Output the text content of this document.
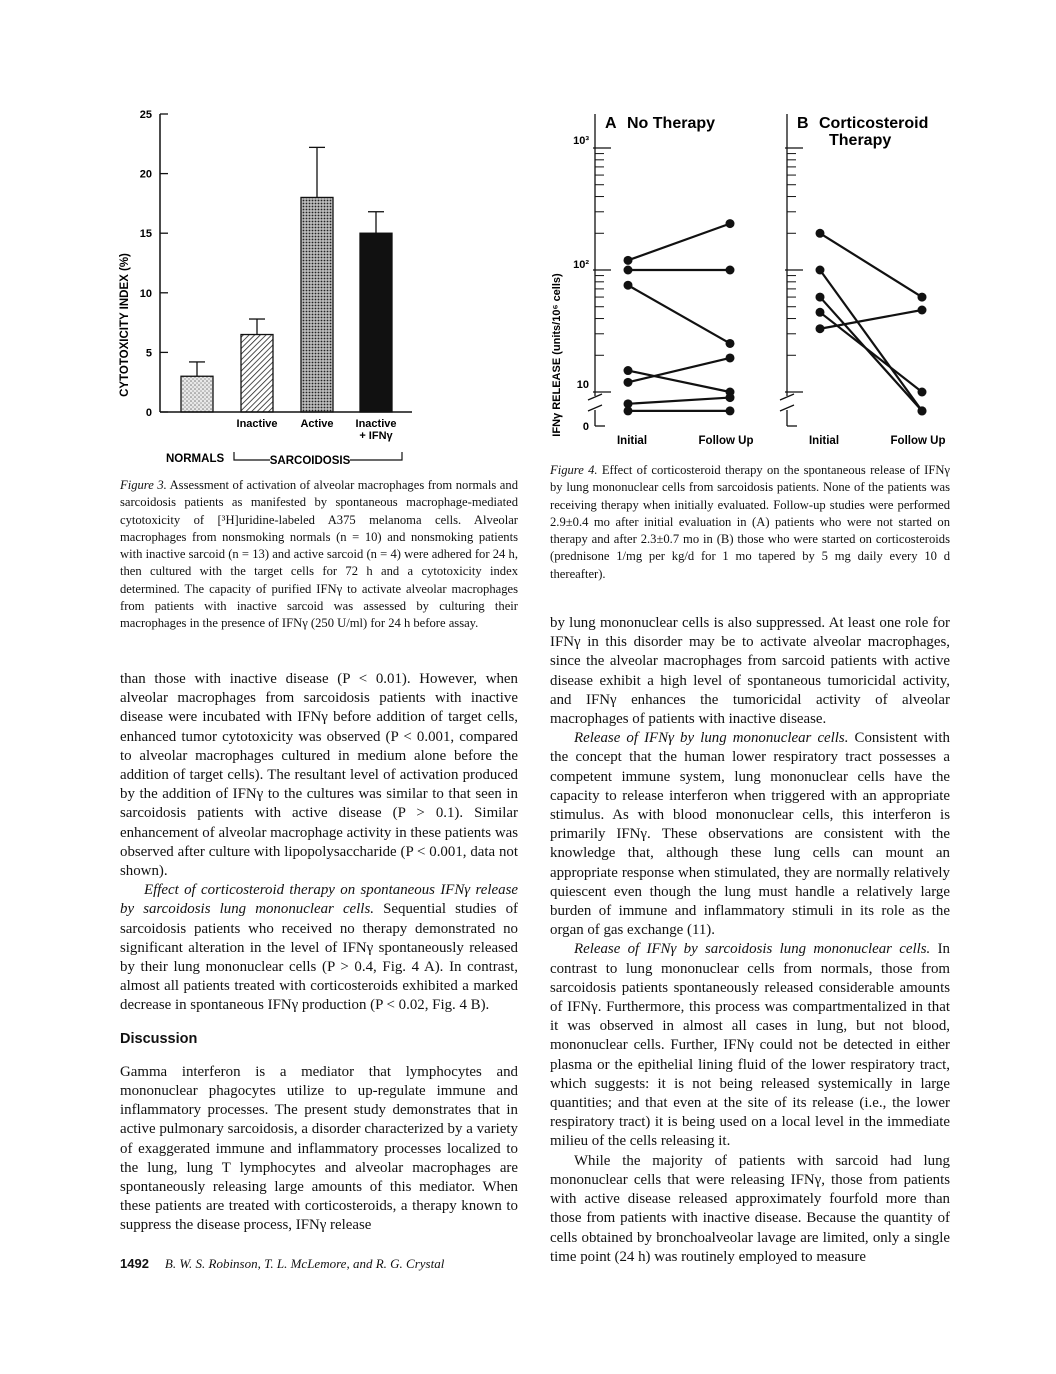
CYTOTOXICITY INDEX (%)
0
5
10
15
20
25
Inactive Active Inactive
+ IFNγ
NORMALS	SARCOIDOSIS
Figure 3. Assessment of activation of alveolar macrophages from normals and sarcoidosis patients as manifested by spontaneous macrophage-mediated cytotoxicity of [³H]uridine-labeled A375 melanoma cells. Alveolar macrophages from nonsmoking normals (n = 10) and nonsmoking patients with inactive sarcoid (n = 13) and active sarcoid (n = 4) were adhered for 24 h, then cultured with the target cells for 72 h and a cytotoxicity index determined. The capacity of purified IFNγ to activate alveolar macrophages from patients with inactive sarcoid was assessed by culturing their macrophages in the presence of IFNγ (250 U/ml) for 24 h before assay.
IFNγ RELEASE (units/10⁶ cells)
10³
10²
10
0
A No Therapy
Initial	Follow Up
B Corticosteroid
Therapy
Initial	Follow Up
Figure 4. Effect of corticosteroid therapy on the spontaneous release of IFNγ by lung mononuclear cells from sarcoidosis patients. None of the patients was receiving therapy when initially evaluated. Follow-up studies were performed 2.9±0.4 mo after initial evaluation in (A) patients who were not started on therapy and after 2.3±0.7 mo in (B) those who were started on corticosteroids (prednisone 1/mg per kg/d for 1 mo tapered by 5 mg daily every 10 d thereafter).

than those with inactive disease (P < 0.01). However, when alveolar macrophages from sarcoidosis patients with inactive disease were incubated with IFNγ before addition of target cells, enhanced tumor cytotoxicity was observed (P < 0.001, compared to alveolar macrophages cultured in medium alone before the addition of target cells). The resultant level of activation produced by the addition of IFNγ to the cultures was similar to that seen in sarcoidosis patients with active disease (P > 0.1). Similar enhancement of alveolar macrophage activity in these patients was observed after culture with lipopolysaccharide (P < 0.001, data not shown).

Effect of corticosteroid therapy on spontaneous IFNγ release by sarcoidosis lung mononuclear cells. Sequential studies of sarcoidosis patients who received no therapy demonstrated no significant alteration in the level of IFNγ spontaneously released by their lung mononuclear cells (P > 0.4, Fig. 4 A). In contrast, almost all patients treated with corticosteroids exhibited a marked decrease in spontaneous IFNγ production (P < 0.02, Fig. 4 B).

Discussion

Gamma interferon is a mediator that lymphocytes and mononuclear phagocytes utilize to up-regulate immune and inflammatory processes. The present study demonstrates that in active pulmonary sarcoidosis, a disorder characterized by a variety of exaggerated immune and inflammatory processes localized to the lung, lung T lymphocytes and alveolar macrophages are spontaneously releasing large amounts of this mediator. When these patients are treated with corticosteroids, a therapy known to suppress the disease process, IFNγ release

by lung mononuclear cells is also suppressed. At least one role for IFNγ in this disorder may be to activate alveolar macrophages, since the alveolar macrophages from sarcoid patients with active disease exhibit a high level of spontaneous tumoricidal activity, and IFNγ enhances the tumoricidal activity of alveolar macrophages of patients with inactive disease.

Release of IFNγ by lung mononuclear cells. Consistent with the concept that the human lower respiratory tract possesses a competent immune system, lung mononuclear cells have the capacity to release interferon when triggered with an appropriate stimulus. As with blood mononuclear cells, this interferon is primarily IFNγ. These observations are consistent with the knowledge that, although these lung cells can mount an appropriate response when stimulated, they are normally relatively quiescent even though the lung must handle a relatively large burden of immune and inflammatory stimuli in its role as the organ of gas exchange (11).

Release of IFNγ by sarcoidosis lung mononuclear cells. In contrast to lung mononuclear cells from normals, those from sarcoidosis patients spontaneously released considerable amounts of IFNγ. Furthermore, this process was compartmentalized in that it was observed in almost all cases in lung, but not blood, mononuclear cells. Further, IFNγ could not be detected in either plasma or the epithelial lining fluid of the lower respiratory tract, which suggests: it is not being released systemically in large quantities; and that even at the site of its release (i.e., the lower respiratory tract) it is being used on a local level in the immediate milieu of the cells releasing it.

While the majority of patients with sarcoid had lung mononuclear cells that were releasing IFNγ, those from patients with active disease released approximately fourfold more than those from patients with inactive disease. Because the quantity of cells obtained by bronchoalveolar lavage are limited, only a single time point (24 h) was routinely employed to measure

1492 B. W. S. Robinson, T. L. McLemore, and R. G. Crystal
